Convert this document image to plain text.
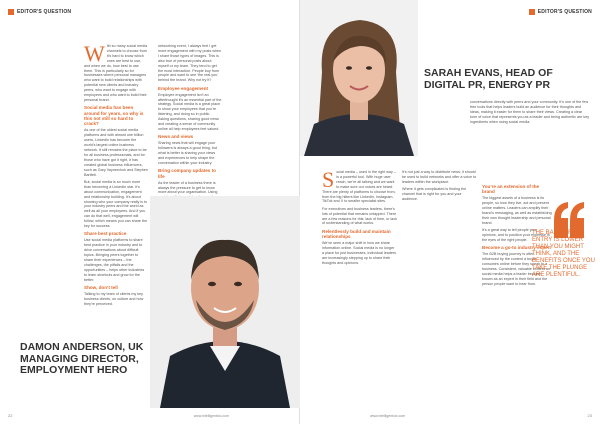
EDITOR'S QUESTION

W ith so many social media channels to choose from it’s hard to know which ones are best to use, and when we do, how best to use them. This is particularly so for businesses where personal managers who want to build relationships with potential new clients and industry peers, who want to engage with employees and who want to build their personal brand.

Social media has been around for years, so why is this not still so hard to crack?

As one of the oldest social media platforms and with almost one billion users, LinkedIn has become the world’s largest online business network. It still remains the place to be for all business professionals, and for those who have got it right, it has created global business influencers, such as Gary Vaynerchuk and Stephen Bartlett.

But, social media is so much more than becoming a LinkedIn star. It’s about communication, engagement and relationship building. It’s about showing who your company really is to your industry peers and the world as well as all your employees. And if you can do that well, engagement will follow, which means you can share the key for success.

Share best practice

Use social media platforms to share best practice in your industry and to drive conversations about difficult topics. Bringing peers together to share their experiences – the challenges, the pitfalls and the opportunities – helps other industries to learn shortcuts and grow for the better.

Show, don’t tell

Talking to my team of clients my key business clients, on culture and how they're perceived.

networking event, I always feel I get more engagement with my posts when I share those types of images. This is also true of personal posts about myself or my team. They tend to get the most interaction. People buy from people and want to see ‘the real you’ behind the brand. Why not try it?

Employee engagement

Employee engagement isn’t an afterthought it’s an essential part of the strategy. Social media is a great place to show your employees that you’re listening, and doing so in public. Asking questions, sharing good news and creating a sense of community online all help employees feel valued.

News and views

Sharing news that will engage your followers is always a good thing, but what is better is sharing your views and experiences to help shape the conversation within your industry.

Bring company updates to life

As the leader of a business there is always the pressure to get to know more about your organisation. Using

DAMON ANDERSON, UK MANAGING DIRECTOR, EMPLOYMENT HERO
22	www.intelligentcio.com
EDITOR'S QUESTION
SARAH EVANS, HEAD OF DIGITAL PR, ENERGY PR

conversations directly with peers and your community. It’s one of the few free tools that helps leaders build an audience for their thoughts and ideas, making it easier for them to share their views. Creating a clear tone of voice that represents you as a leader and being authentic are key ingredients when using social media.

S ocial media – used in the right way – is a powerful tool. With huge user reach, we’re all talking and we want to make sure our voices are heard. There are plenty of platforms to choose from, from the big hitters like LinkedIn, Instagram, TikTok and X to smaller specialist sites.

For executives and business leaders, there’s lots of potential that remains untapped. There are a few reasons for this: lack of time, or lack of understanding of what works.

Relentlessly build and maintain relationships

We’ve seen a major shift in how we share information online. Social media is no longer a place for just businesses, individual leaders are increasingly stepping up to share their thoughts and opinions.

It’s not just a way to distribute news; it should be used to build networks and offer a voice to leaders within the workplace.

Where it gets complicated is finding the channel that is right for you and your audience.

You’re an extension of the brand

The biggest assets of a business is its people, so how they live, act and present online matters. Leaders can amplify their brand’s messaging, as well as establishing their own thought leadership and personal brand.

It’s a great way to tell people your opinions, and to position your expertise in the eyes of the right people.

Become a go-to industry expert

The B2B buying journey is often influenced by the content a buyer consumes online before they speak to a business. Consistent, valuable content on social media helps a leader become known as an expert in their field and the person people want to hear from.

THE BARRIER TO ENTRY IS LOWER THAN YOU MIGHT THINK, AND THE BENEFITS ONCE YOU TAKE THE PLUNGE ARE PLENTIFUL.
23
www.intelligentcio.com
